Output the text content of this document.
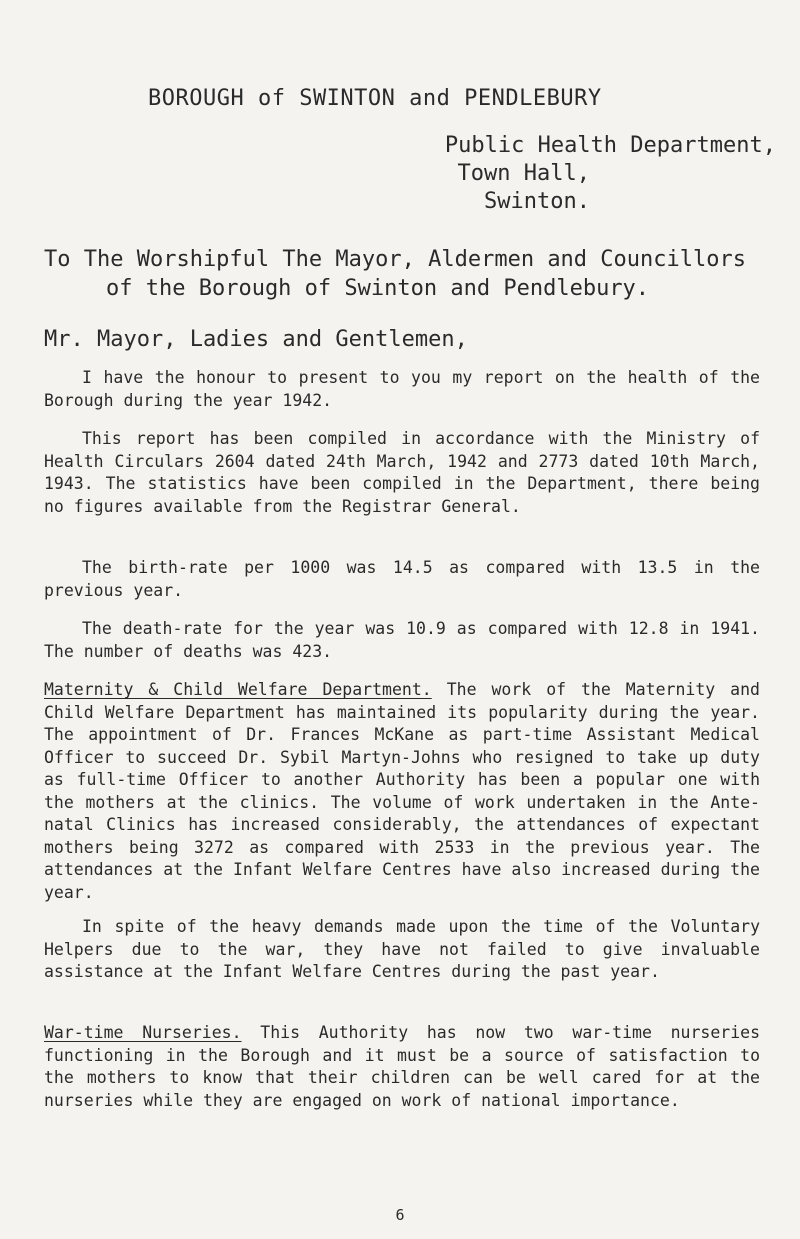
BOROUGH of SWINTON and PENDLEBURY
Public Health Department,
Town Hall,
Swinton.
To The Worshipful The Mayor, Aldermen and Councillors
of the Borough of Swinton and Pendlebury.
Mr. Mayor, Ladies and Gentlemen,
I have the honour to present to you my report on the health of the Borough during the year 1942.
This report has been compiled in accordance with the Ministry of Health Circulars 2604 dated 24th March, 1942 and 2773 dated 10th March, 1943. The statistics have been compiled in the Department, there being no figures available from the Registrar General.
The birth-rate per 1000 was 14.5 as compared with 13.5 in the previous year.
The death-rate for the year was 10.9 as compared with 12.8 in 1941. The number of deaths was 423.
Maternity & Child Welfare Department. The work of the Maternity and Child Welfare Department has maintained its popularity during the year. The appointment of Dr. Frances McKane as part-time Assistant Medical Officer to succeed Dr. Sybil Martyn-Johns who resigned to take up duty as full-time Officer to another Authority has been a popular one with the mothers at the clinics. The volume of work undertaken in the Ante-natal Clinics has increased considerably, the attendances of expectant mothers being 3272 as compared with 2533 in the previous year. The attendances at the Infant Welfare Centres have also increased during the year.
In spite of the heavy demands made upon the time of the Voluntary Helpers due to the war, they have not failed to give invaluable assistance at the Infant Welfare Centres during the past year.
War-time Nurseries. This Authority has now two war-time nurseries functioning in the Borough and it must be a source of satisfaction to the mothers to know that their children can be well cared for at the nurseries while they are engaged on work of national importance.
6
